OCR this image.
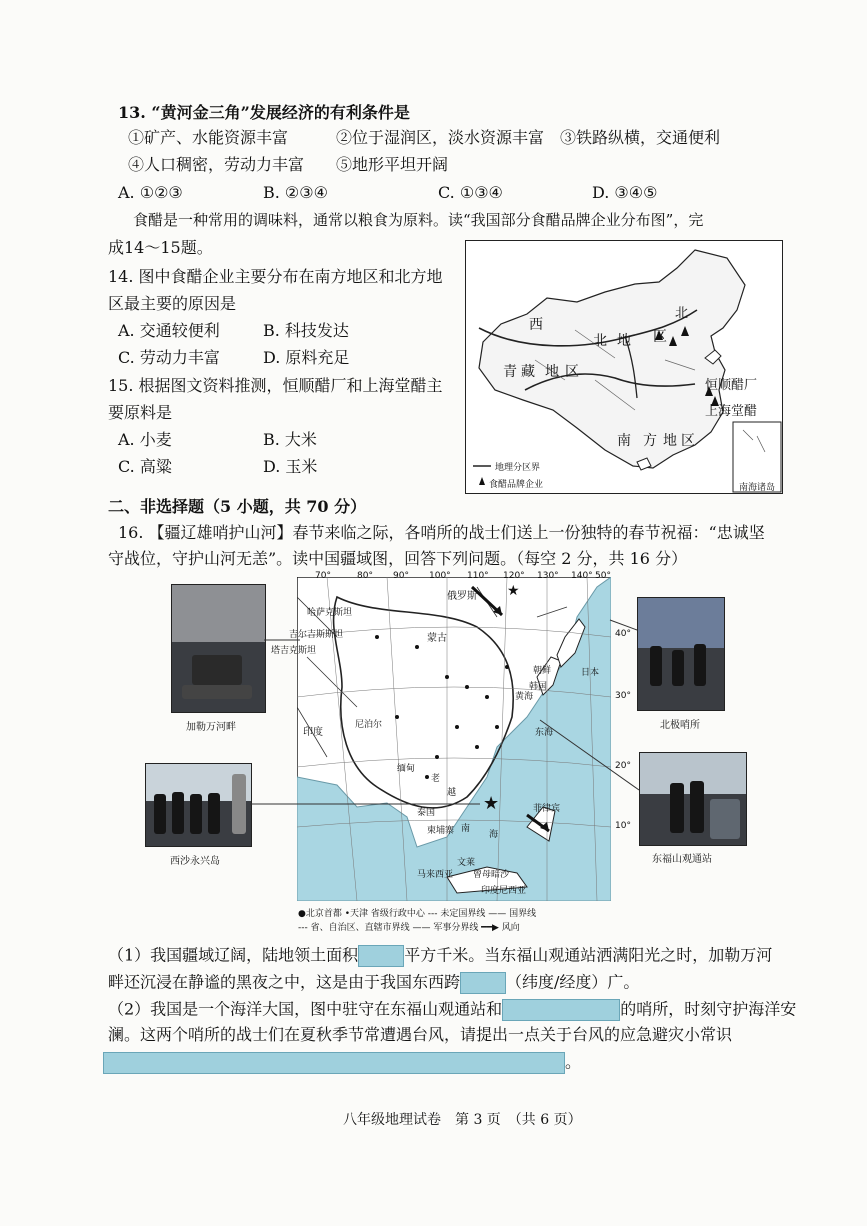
13. “黄河金三角”发展经济的有利条件是
①矿产、水能资源丰富　　　②位于湿润区，淡水资源丰富　③铁路纵横，交通便利
④人口稠密，劳动力丰富　　⑤地形平坦开阔
A. ①②③	B. ②③④	C. ①③④	D. ③④⑤
食醋是一种常用的调味料，通常以粮食为原料。读“我国部分食醋品牌企业分布图”，完
成14～15题。
14. 图中食醋企业主要分布在南方地区和北方地
区最主要的原因是
A. 交通较便利	B. 科技发达
C. 劳动力丰富	D. 原料充足
15. 根据图文资料推测，恒顺醋厂和上海堂醋主
要原料是
A. 小麦	B. 大米
C. 高粱	D. 玉米
西
北 地 区
北
青 藏 地 区
南 方 地 区
恒顺醋厂
上海堂醋
南海诸岛
地理分区界
食醋品牌企业
二、非选择题（5 小题，共 70 分）
16. 【疆辽雄哨护山河】春节来临之际，各哨所的战士们送上一份独特的春节祝福：“忠诚坚
守战位，守护山河无恙”。读中国疆域图，回答下列问题。（每空 2 分，共 16 分）
★
★
70°	80° 90° 100° 110° 120° 130° 140° 50°
40°
30°
20°
10°
俄罗斯
哈萨克斯坦
吉尔吉斯斯坦
塔吉克斯坦
蒙古
朝鲜
韩国
日本
黄海
东海
印度
尼泊尔
缅甸
老
越
泰国
柬埔寨 南
海
菲律宾
马来西亚
印度尼西亚
曾母暗沙
文莱
●北京首都 •天津 省级行政中心 --- 未定国界线 —— 国界线
--- 省、自治区、直辖市界线 —— 军事分界线 ━━▶ 风向
加勒万河畔	北极哨所
西沙永兴岛	东福山观通站
（1）我国疆域辽阔，陆地领土面积	平方千米。当东福山观通站洒满阳光之时，加勒万河
畔还沉浸在静谧的黑夜之中，这是由于我国东西跨	（纬度/经度）广。
（2）我国是一个海洋大国，图中驻守在东福山观通站和	的哨所，时刻守护海洋安
澜。这两个哨所的战士们在夏秋季节常遭遇台风，请提出一点关于台风的应急避灾小常识
。
八年级地理试卷　第 3 页　（共 6 页）
